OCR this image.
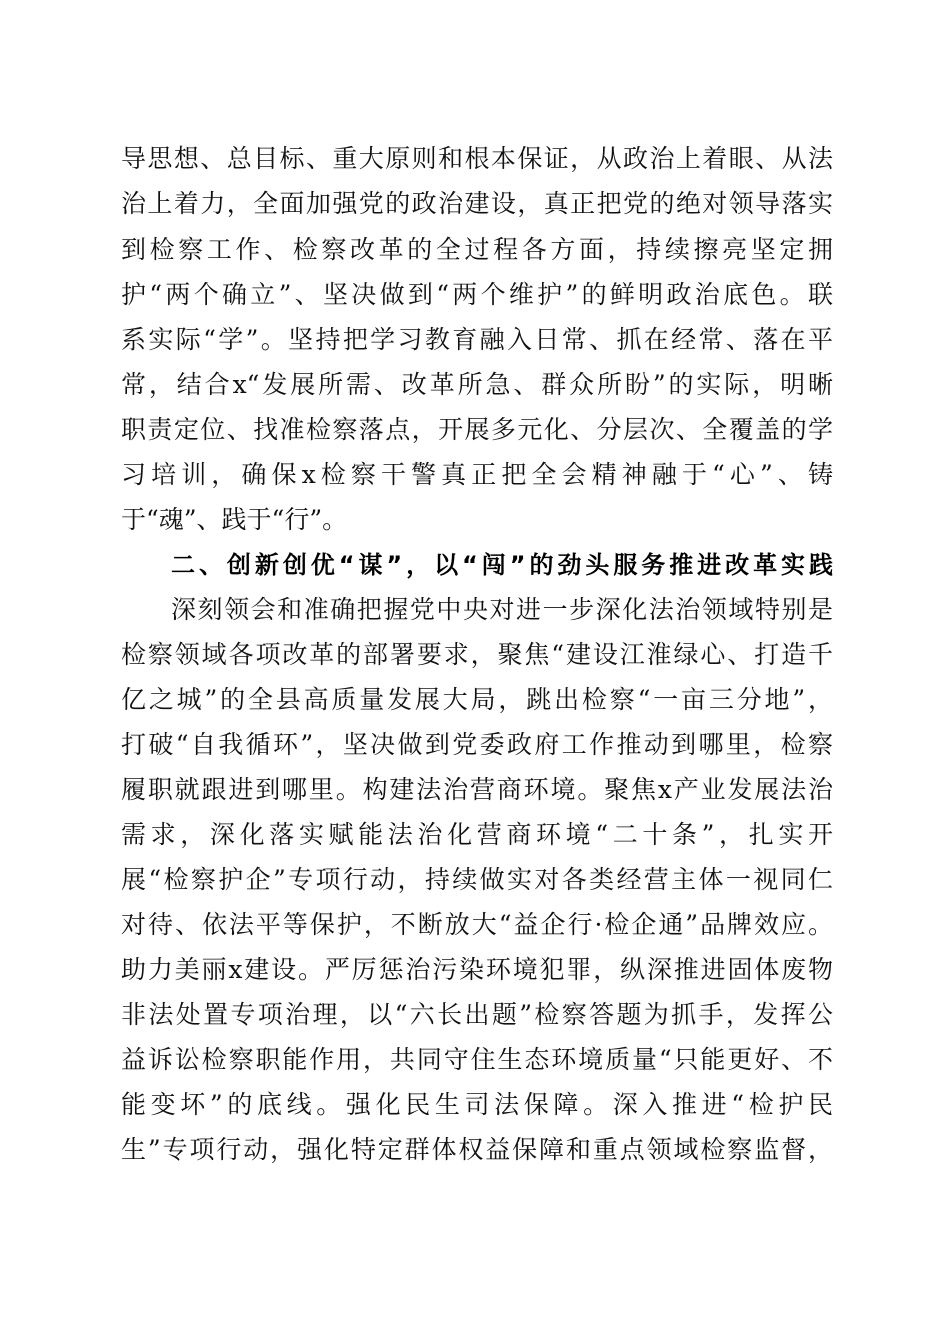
导思想、总目标、重大原则和根本保证，从政治上着眼、从法
治上着力，全面加强党的政治建设，真正把党的绝对领导落实
到检察工作、检察改革的全过程各方面，持续擦亮坚定拥
护“两个确立”、坚决做到“两个维护”的鲜明政治底色。联
系实际“学”。坚持把学习教育融入日常、抓在经常、落在平
常，结合x“发展所需、改革所急、群众所盼”的实际，明晰
职责定位、找准检察落点，开展多元化、分层次、全覆盖的学
习培训，确保x检察干警真正把全会精神融于“心”、铸
于“魂”、践于“行”。
二、创新创优“谋”，以“闯”的劲头服务推进改革实践
深刻领会和准确把握党中央对进一步深化法治领域特别是
检察领域各项改革的部署要求，聚焦“建设江淮绿心、打造千
亿之城”的全县高质量发展大局，跳出检察“一亩三分地”，
打破“自我循环”，坚决做到党委政府工作推动到哪里，检察
履职就跟进到哪里。构建法治营商环境。聚焦x产业发展法治
需求，深化落实赋能法治化营商环境“二十条”，扎实开
展“检察护企”专项行动，持续做实对各类经营主体一视同仁
对待、依法平等保护，不断放大“益企行·检企通”品牌效应。
助力美丽x建设。严厉惩治污染环境犯罪，纵深推进固体废物
非法处置专项治理，以“六长出题”检察答题为抓手，发挥公
益诉讼检察职能作用，共同守住生态环境质量“只能更好、不
能变坏”的底线。强化民生司法保障。深入推进“检护民
生”专项行动，强化特定群体权益保障和重点领域检察监督，
